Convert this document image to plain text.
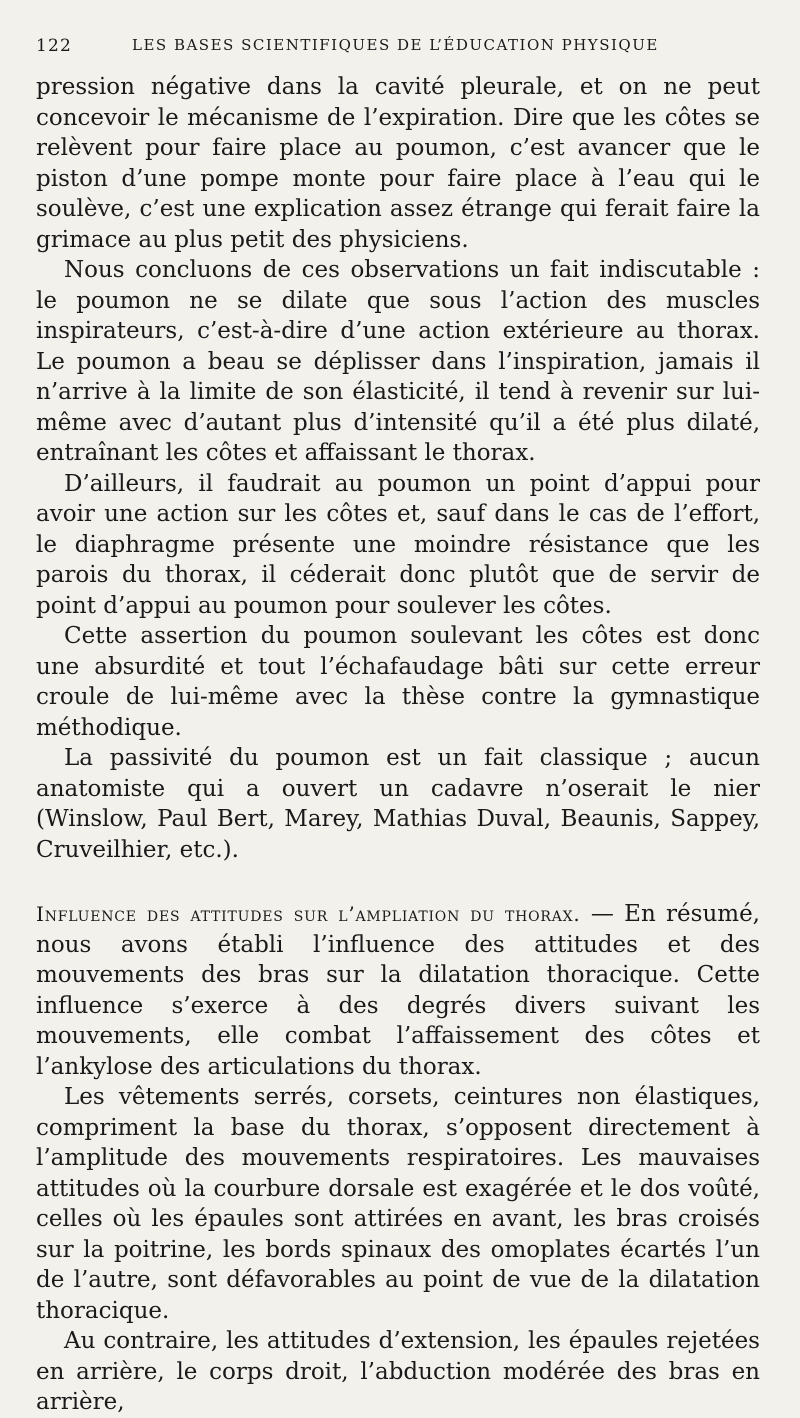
122	LES BASES SCIENTIFIQUES DE L’ÉDUCATION PHYSIQUE

pression négative dans la cavité pleurale, et on ne peut concevoir le mécanisme de l’expiration. Dire que les côtes se relèvent pour faire place au poumon, c’est avancer que le piston d’une pompe monte pour faire place à l’eau qui le soulève, c’est une explication assez étrange qui ferait faire la grimace au plus petit des physiciens.

Nous concluons de ces observations un fait indiscutable : le poumon ne se dilate que sous l’action des muscles inspirateurs, c’est-à-dire d’une action extérieure au thorax. Le poumon a beau se déplisser dans l’inspiration, jamais il n’arrive à la limite de son élasticité, il tend à revenir sur lui-même avec d’autant plus d’intensité qu’il a été plus dilaté, entraînant les côtes et affaissant le thorax.

D’ailleurs, il faudrait au poumon un point d’appui pour avoir une action sur les côtes et, sauf dans le cas de l’effort, le diaphragme présente une moindre résistance que les parois du thorax, il céderait donc plutôt que de servir de point d’appui au poumon pour soulever les côtes.

Cette assertion du poumon soulevant les côtes est donc une absurdité et tout l’échafaudage bâti sur cette erreur croule de lui-même avec la thèse contre la gymnastique méthodique.

La passivité du poumon est un fait classique ; aucun anatomiste qui a ouvert un cadavre n’oserait le nier (Winslow, Paul Bert, Marey, Mathias Duval, Beaunis, Sappey, Cruveilhier, etc.).

Influence des attitudes sur l’ampliation du thorax. — En résumé, nous avons établi l’influence des attitudes et des mouvements des bras sur la dilatation thoracique. Cette influence s’exerce à des degrés divers suivant les mouvements, elle combat l’affaissement des côtes et l’ankylose des articulations du thorax.

Les vêtements serrés, corsets, ceintures non élastiques, compriment la base du thorax, s’opposent directement à l’amplitude des mouvements respiratoires. Les mauvaises attitudes où la courbure dorsale est exagérée et le dos voûté, celles où les épaules sont attirées en avant, les bras croisés sur la poitrine, les bords spinaux des omoplates écartés l’un de l’autre, sont défavorables au point de vue de la dilatation thoracique.

Au contraire, les attitudes d’extension, les épaules rejetées en arrière, le corps droit, l’abduction modérée des bras en arrière,
